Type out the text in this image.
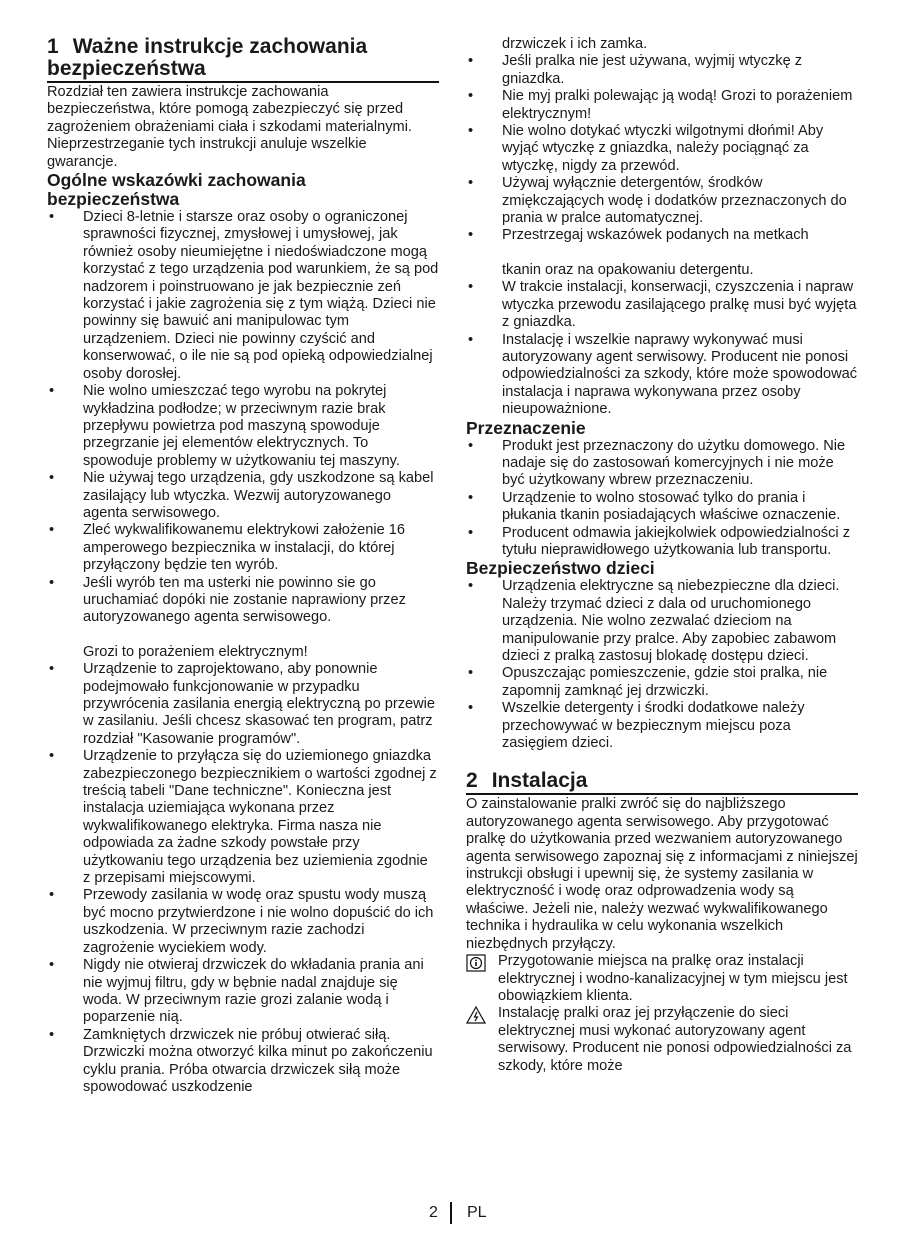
1 Ważne instrukcje zachowania bezpieczeństwa

Rozdział ten zawiera instrukcje zachowania bezpieczeństwa, które pomogą zabezpieczyć się przed zagrożeniem obrażeniami ciała i szkodami materialnymi. Nieprzestrzeganie tych instrukcji anuluje wszelkie gwarancje.

Ogólne wskazówki zachowania bezpieczeństwa
• Dzieci 8-letnie i starsze oraz osoby o ograniczonej sprawności fizycznej, zmysłowej i umysłowej, jak również osoby nieumiejętne i niedoświadczone mogą korzystać z tego urządzenia pod warunkiem, że są pod nadzorem i poinstruowano je jak bezpiecznie zeń korzystać i jakie zagrożenia się z tym wiążą. Dzieci nie powinny się bawuić ani manipulowac tym urządzeniem. Dzieci nie powinny czyścić and konserwować, o ile nie są pod opieką odpowiedzialnej osoby dorosłej.
• Nie wolno umieszczać tego wyrobu na pokrytej wykładzina podłodze; w przeciwnym razie brak przepływu powietrza pod maszyną spowoduje przegrzanie jej elementów elektrycznych. To spowoduje problemy w użytkowaniu tej maszyny.
• Nie używaj tego urządzenia, gdy uszkodzone są kabel zasilający lub wtyczka. Wezwij autoryzowanego agenta serwisowego.
• Zleć wykwalifikowanemu elektrykowi założenie 16 amperowego bezpiecznika w instalacji, do której przyłączony będzie ten wyrób.
• Jeśli wyrób ten ma usterki nie powinno sie go uruchamiać dopóki nie zostanie naprawiony przez autoryzowanego agenta serwisowego.
Grozi to porażeniem elektrycznym!
• Urządzenie to zaprojektowano, aby ponownie podejmowało funkcjonowanie w przypadku przywrócenia zasilania energią elektryczną po przewie w zasilaniu. Jeśli chcesz skasować ten program, patrz rozdział "Kasowanie programów".
• Urządzenie to przyłącza się do uziemionego gniazdka zabezpieczonego bezpiecznikiem o wartości zgodnej z treścią tabeli "Dane techniczne". Konieczna jest instalacja uziemiająca wykonana przez wykwalifikowanego elektryka. Firma nasza nie odpowiada za żadne szkody powstałe przy użytkowaniu tego urządzenia bez uziemienia zgodnie z przepisami miejscowymi.
• Przewody zasilania w wodę oraz spustu wody muszą być mocno przytwierdzone i nie wolno dopuścić do ich uszkodzenia. W przeciwnym razie zachodzi zagrożenie wyciekiem wody.
• Nigdy nie otwieraj drzwiczek do wkładania prania ani nie wyjmuj filtru, gdy w bębnie nadal znajduje się woda. W przeciwnym razie grozi zalanie wodą i poparzenie nią.
• Zamkniętych drzwiczek nie próbuj otwierać siłą. Drzwiczki można otworzyć kilka minut po zakończeniu cyklu prania. Próba otwarcia drzwiczek siłą może spowodować uszkodzenie
drzwiczek i ich zamka.
• Jeśli pralka nie jest używana, wyjmij wtyczkę z gniazdka.
• Nie myj pralki polewając ją wodą! Grozi to porażeniem elektrycznym!
• Nie wolno dotykać wtyczki wilgotnymi dłońmi! Aby wyjąć wtyczkę z gniazdka, należy pociągnąć za wtyczkę, nigdy za przewód.
• Używaj wyłącznie detergentów, środków zmiękczających wodę i dodatków przeznaczonych do prania w pralce automatycznej.
• Przestrzegaj wskazówek podanych na metkach
tkanin oraz na opakowaniu detergentu.
• W trakcie instalacji, konserwacji, czyszczenia i napraw wtyczka przewodu zasilającego pralkę musi być wyjęta z gniazdka.
• Instalację i wszelkie naprawy wykonywać musi autoryzowany agent serwisowy. Producent nie ponosi odpowiedzialności za szkody, które może spowodować instalacja i naprawa wykonywana przez osoby nieupoważnione.
Przeznaczenie
• Produkt jest przeznaczony do użytku domowego. Nie nadaje się do zastosowań komercyjnych i nie może być użytkowany wbrew przeznaczeniu.
• Urządzenie to wolno stosować tylko do prania i płukania tkanin posiadających właściwe oznaczenie.
• Producent odmawia jakiejkolwiek odpowiedzialności z tytułu nieprawidłowego użytkowania lub transportu.
Bezpieczeństwo dzieci
• Urządzenia elektryczne są niebezpieczne dla dzieci. Należy trzymać dzieci z dala od uruchomionego urządzenia. Nie wolno zezwalać dzieciom na manipulowanie przy pralce. Aby zapobiec zabawom dzieci z pralką zastosuj blokadę dostępu dzieci.
• Opuszczając pomieszczenie, gdzie stoi pralka, nie zapomnij zamknąć jej drzwiczki.
• Wszelkie detergenty i środki dodatkowe należy przechowywać w bezpiecznym miejscu poza zasięgiem dzieci.
2 Instalacja

O zainstalowanie pralki zwróć się do najbliższego autoryzowanego agenta serwisowego. Aby przygotować pralkę do użytkowania przed wezwaniem autoryzowanego agenta serwisowego zapoznaj się z informacjami z niniejszej instrukcji obsługi i upewnij się, że systemy zasilania w elektryczność i wodę oraz odprowadzenia wody są właściwe. Jeżeli nie, należy wezwać wykwalifikowanego technika i hydraulika w celu wykonania wszelkich niezbędnych przyłączy.

Przygotowanie miejsca na pralkę oraz instalacji elektrycznej i wodno-kanalizacyjnej w tym miejscu jest obowiązkiem klienta.
Instalację pralki oraz jej przyłączenie do sieci elektrycznej musi wykonać autoryzowany agent serwisowy. Producent nie ponosi odpowiedzialności za szkody, które może
2 PL
